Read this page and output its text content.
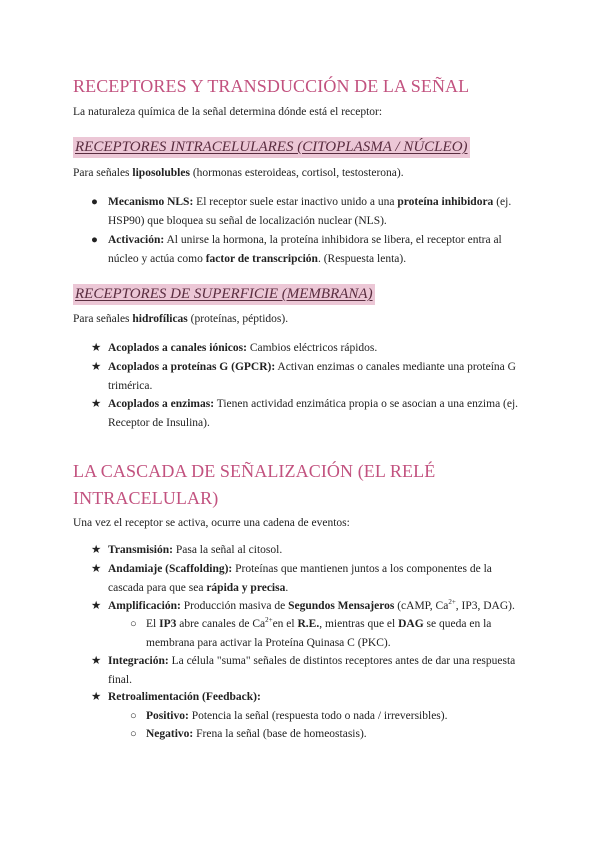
RECEPTORES Y TRANSDUCCIÓN DE LA SEÑAL
La naturaleza química de la señal determina dónde está el receptor:
RECEPTORES INTRACELULARES (CITOPLASMA / NÚCLEO)
Para señales liposolubles (hormonas esteroideas, cortisol, testosterona).
● Mecanismo NLS: El receptor suele estar inactivo unido a una proteína inhibidora (ej.
HSP90) que bloquea su señal de localización nuclear (NLS).
● Activación: Al unirse la hormona, la proteína inhibidora se libera, el receptor entra al
núcleo y actúa como factor de transcripción. (Respuesta lenta).
RECEPTORES DE SUPERFICIE (MEMBRANA)
Para señales hidrofílicas (proteínas, péptidos).
★ Acoplados a canales iónicos: Cambios eléctricos rápidos.
★ Acoplados a proteínas G (GPCR): Activan enzimas o canales mediante una proteína G
trimérica.
★ Acoplados a enzimas: Tienen actividad enzimática propia o se asocian a una enzima (ej.
Receptor de Insulina).
LA CASCADA DE SEÑALIZACIÓN (EL RELÉ
INTRACELULAR)
Una vez el receptor se activa, ocurre una cadena de eventos:
★ Transmisión: Pasa la señal al citosol.
★ Andamiaje (Scaffolding): Proteínas que mantienen juntos a los componentes de la
cascada para que sea rápida y precisa.
★ Amplificación: Producción masiva de Segundos Mensajeros (cAMP, $Ca^{2+}$, IP3, DAG).
○ El IP3 abre canales de $Ca^{2+}en$ el R.E., mientras que el DAG se queda en la
membrana para activar la Proteína Quinasa C (PKC).
★ Integración: La célula "suma" señales de distintos receptores antes de dar una respuesta
final.
★ Retroalimentación (Feedback):
○ Positivo: Potencia la señal (respuesta todo o nada / irreversibles).
○ Negativo: Frena la señal (base de homeostasis).
